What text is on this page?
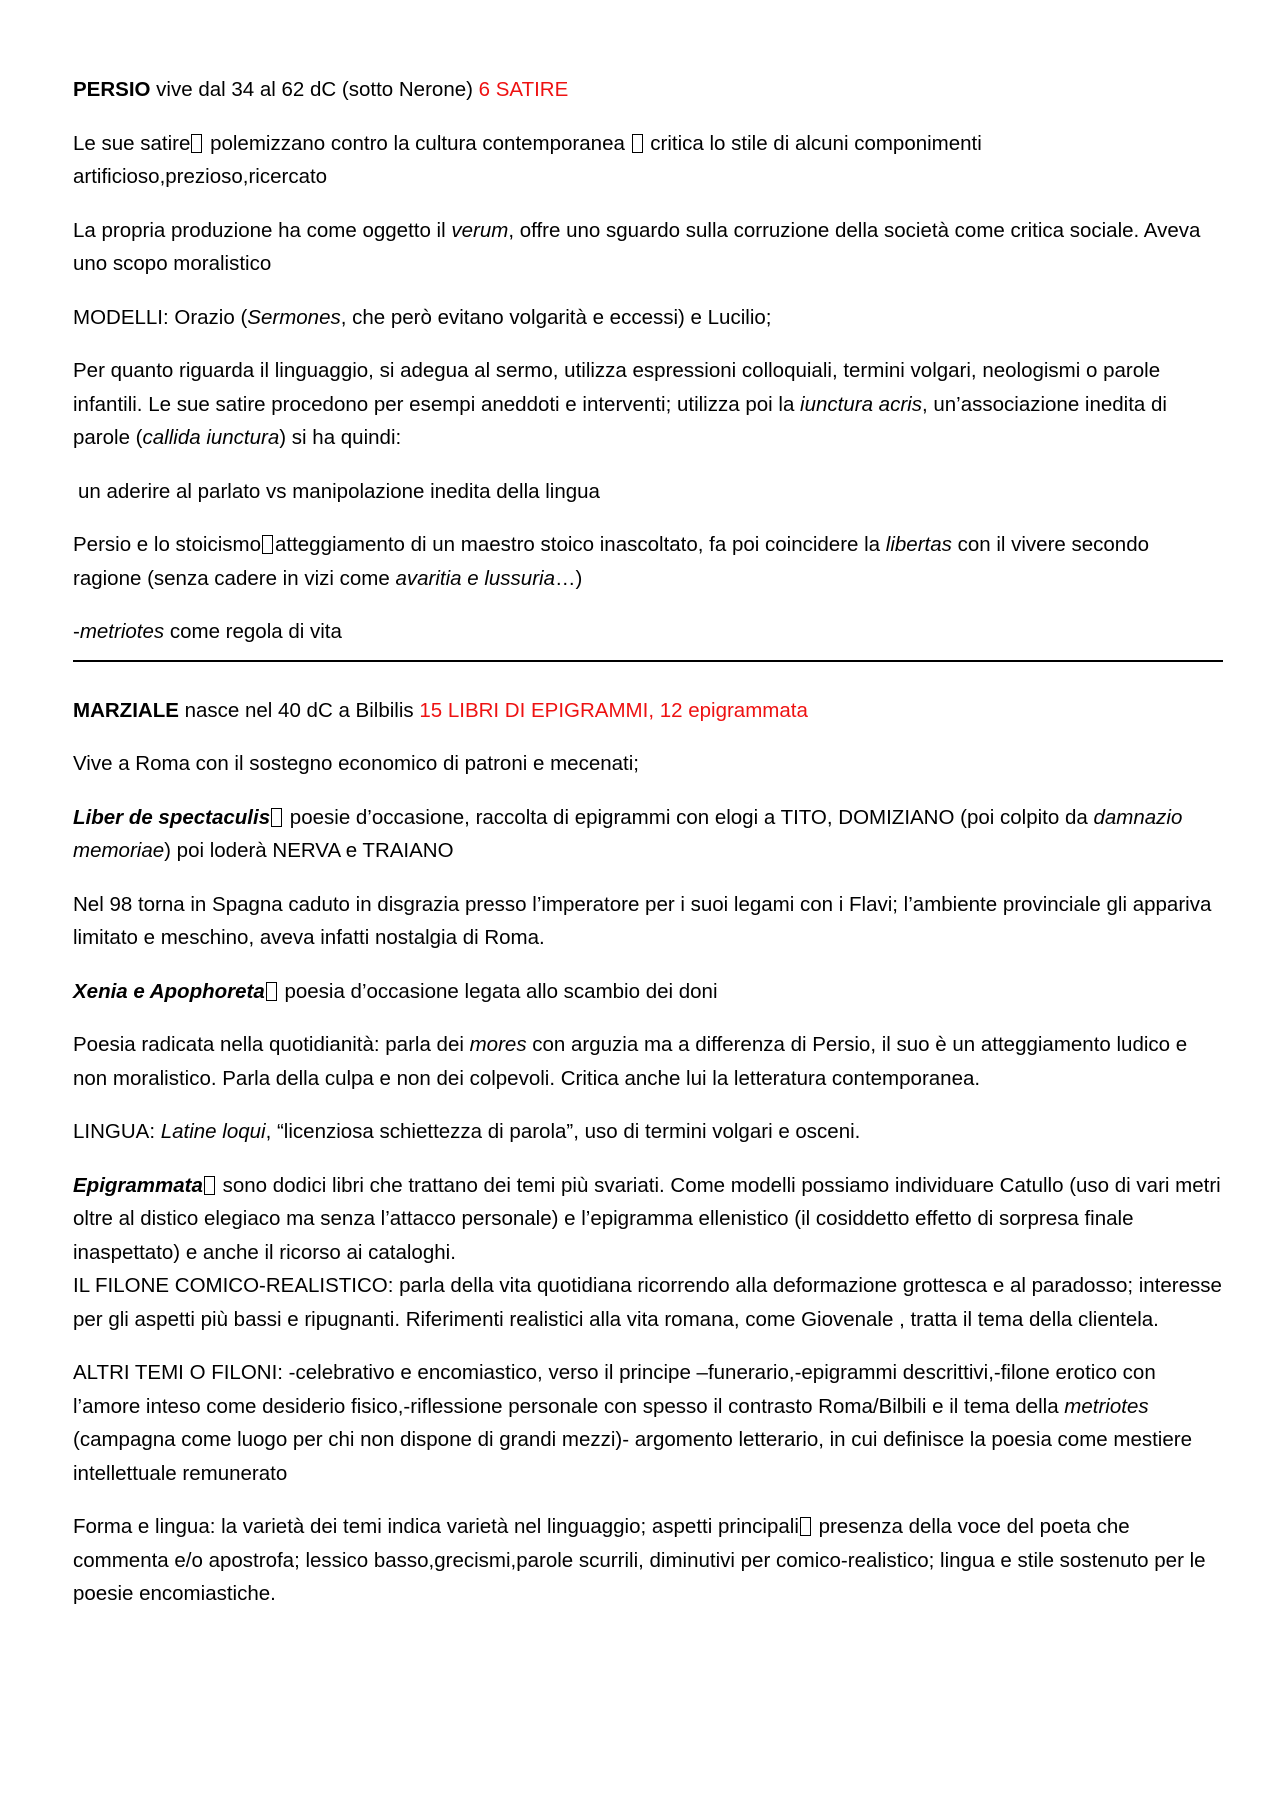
PERSIO vive dal 34 al 62 dC (sotto Nerone) 6 SATIRE

Le sue satire polemizzano contro la cultura contemporanea  critica lo stile di alcuni componimenti artificioso,prezioso,ricercato

La propria produzione ha come oggetto il verum, offre uno sguardo sulla corruzione della società come critica sociale. Aveva uno scopo moralistico

MODELLI: Orazio (Sermones, che però evitano volgarità e eccessi) e Lucilio;

Per quanto riguarda il linguaggio, si adegua al sermo, utilizza espressioni colloquiali, termini volgari, neologismi o parole infantili. Le sue satire procedono per esempi aneddoti e interventi; utilizza poi la iunctura acris, un’associazione inedita di parole (callida iunctura) si ha quindi:

un aderire al parlato vs manipolazione inedita della lingua

Persio e lo stoicismo atteggiamento di un maestro stoico inascoltato, fa poi coincidere la libertas con il vivere secondo ragione (senza cadere in vizi come avaritia e lussuria…)

-metriotes come regola di vita

MARZIALE nasce nel 40 dC a Bilbilis 15 LIBRI DI EPIGRAMMI, 12 epigrammata

Vive a Roma con il sostegno economico di patroni e mecenati;

Liber de spectaculis poesie d’occasione, raccolta di epigrammi con elogi a TITO, DOMIZIANO (poi colpito da damnazio memoriae) poi loderà NERVA e TRAIANO

Nel 98 torna in Spagna caduto in disgrazia presso l’imperatore per i suoi legami con i Flavi; l’ambiente provinciale gli appariva limitato e meschino, aveva infatti nostalgia di Roma.

Xenia e Apophoreta poesia d’occasione legata allo scambio dei doni

Poesia radicata nella quotidianità: parla dei mores con arguzia ma a differenza di Persio, il suo è un atteggiamento ludico e non moralistico. Parla della culpa e non dei colpevoli. Critica anche lui la letteratura contemporanea.

LINGUA: Latine loqui, “licenziosa schiettezza di parola”, uso di termini volgari e osceni.

Epigrammata sono dodici libri che trattano dei temi più svariati. Come modelli possiamo individuare Catullo (uso di vari metri oltre al distico elegiaco ma senza l’attacco personale) e l’epigramma ellenistico (il cosiddetto effetto di sorpresa finale inaspettato) e anche il ricorso ai cataloghi.
IL FILONE COMICO-REALISTICO: parla della vita quotidiana ricorrendo alla deformazione grottesca e al paradosso; interesse per gli aspetti più bassi e ripugnanti. Riferimenti realistici alla vita romana, come Giovenale , tratta il tema della clientela.

ALTRI TEMI O FILONI: -celebrativo e encomiastico, verso il principe –funerario,-epigrammi descrittivi,-filone erotico con l’amore inteso come desiderio fisico,-riflessione personale con spesso il contrasto Roma/Bilbili e il tema della metriotes (campagna come luogo per chi non dispone di grandi mezzi)- argomento letterario, in cui definisce la poesia come mestiere intellettuale remunerato

Forma e lingua: la varietà dei temi indica varietà nel linguaggio; aspetti principali presenza della voce del poeta che commenta e/o apostrofa; lessico basso,grecismi,parole scurrili, diminutivi per comico-realistico; lingua e stile sostenuto per le poesie encomiastiche.
